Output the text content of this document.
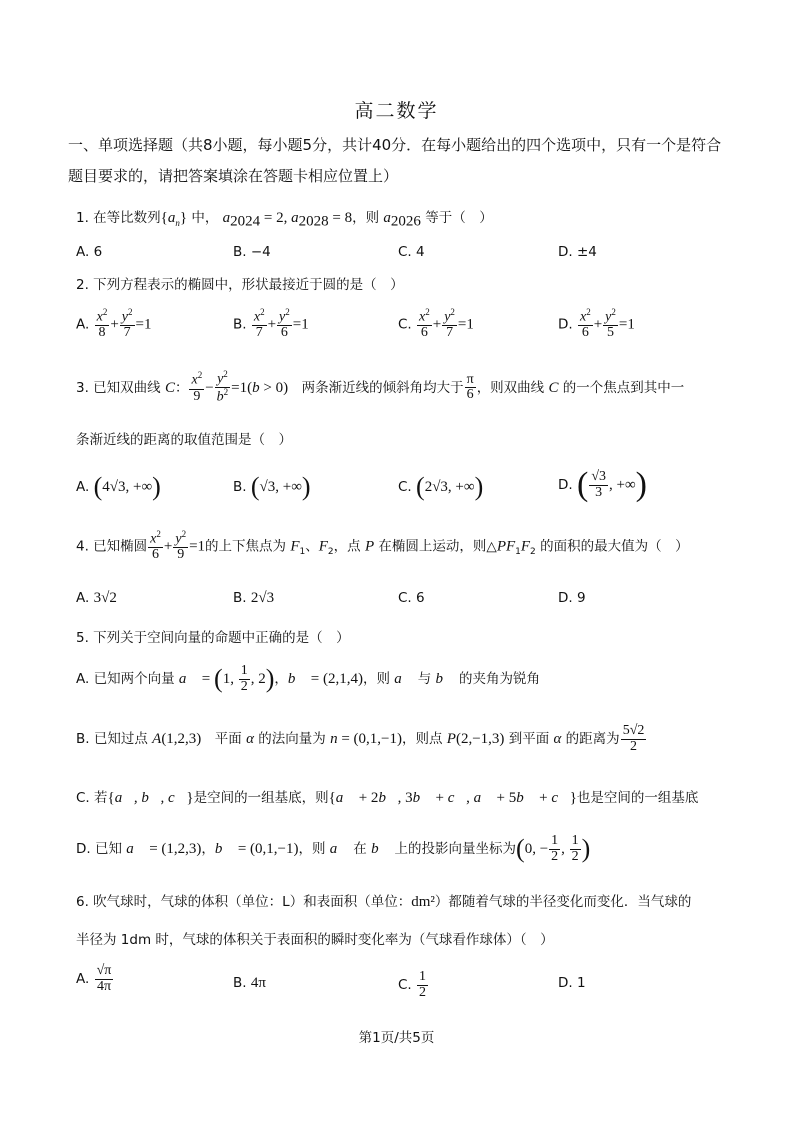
高二数学
一、单项选择题（共8小题，每小题5分，共计40分．在每小题给出的四个选项中，只有一个是符合题目要求的，请把答案填涂在答题卡相应位置上）
1. 在等比数列$\{a_n\}$ 中， $a_{2024} = 2$, $a_{2028} = 8$，则 $a_{2026}$ 等于（　）
A. 6	B. −4	C. 4	D. ±4
2. 下列方程表示的椭圆中，形状最接近于圆的是（　）
A. $\frac{x^2}{8} + \frac{y^2}{7} =1$	B. $\frac{x^2}{7} + \frac{y^2}{6} =1$	C. $\frac{x^2}{6} + \frac{y^2}{7} =1$	D. $\frac{x^2}{6} + \frac{y^2}{5} =1$
3. 已知双曲线 C： $\frac{x^2}{9} - \frac{y^2}{b^2} =1(b > 0)$　两条渐近线的倾斜角均大于 $\frac{\pi}{6}$ ，则双曲线 C 的一个焦点到其中一
条渐近线的距离的取值范围是（　）
A. (4√3, +∞)	B. (√3, +∞)	C. (2√3, +∞)	D. ( $\frac{√3}{3}$ , +∞)
4. 已知椭圆 $\frac{x^2}{6} + \frac{y^2}{9} =1$的上下焦点为 $F_1$、$F_2$，点 P 在椭圆上运动，则$\triangle PF_1F_2$ 的面积的最大值为（　）
A. 3√2	B. 2√3	C. 6	D. 9
5. 下列关于空间向量的命题中正确的是（　）
A. 已知两个向量 a⃗ = (1, $\frac{1}{2}$ , 2)，b⃗ = (2,1,4)，则 a⃗ 与 b⃗ 的夹角为锐角
B. 已知过点 A(1,2,3)　平面 α 的法向量为 n = (0,1,−1)，则点 P(2,−1,3) 到平面 α 的距离为 $\frac{5√2}{2}$
C. 若{a⃗, b⃗, c⃗}是空间的一组基底，则{a⃗ + 2b⃗, 3b⃗ + c⃗, a⃗ + 5b⃗ + c⃗}也是空间的一组基底
D. 已知 a⃗ = (1,2,3)，b⃗ = (0,1,−1)，则 a⃗ 在 b⃗ 上的投影向量坐标为(0, − $\frac{1}{2}$ , $\frac{1}{2}$ )
6. 吹气球时，气球的体积（单位：L）和表面积（单位：dm²）都随着气球的半径变化而变化．当气球的
半径为 1dm 时，气球的体积关于表面积的瞬时变化率为（气球看作球体）（　）
A. $\frac{√\pi}{4\pi}$	B. 4π	C. $\frac{1}{2}$	D. 1
第1页/共5页
